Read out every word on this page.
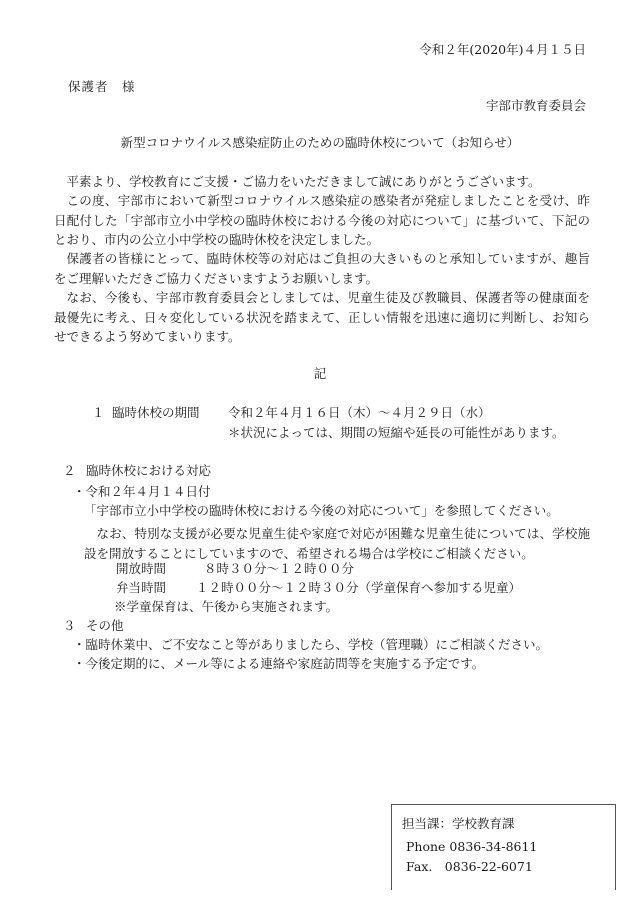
令和２年(2020年)４月１５日
保護者　様
宇部市教育委員会
新型コロナウイルス感染症防止のための臨時休校について（お知らせ）
平素より、学校教育にご支援・ご協力をいただきまして誠にありがとうございます。
この度、宇部市において新型コロナウイルス感染症の感染者が発症しましたことを受け、昨日配付した「宇部市立小中学校の臨時休校における今後の対応について」に基づいて、下記のとおり、市内の公立小中学校の臨時休校を決定しました。
保護者の皆様にとって、臨時休校等の対応はご負担の大きいものと承知していますが、趣旨をご理解いただきご協力くださいますようお願いします。
なお、今後も、宇部市教育委員会としましては、児童生徒及び教職員、保護者等の健康面を最優先に考え、日々変化している状況を踏まえて、正しい情報を迅速に適切に判断し、お知らせできるよう努めてまいります。
記
１ 臨時休校の期間 令和２年４月１６日（木）～４月２９日（水）
＊状況によっては、期間の短縮や延長の可能性があります。
２ 臨時休校における対応
・令和２年４月１４日付
「宇部市立小中学校の臨時休校における今後の対応について」を参照してください。
なお、特別な支援が必要な児童生徒や家庭で対応が困難な児童生徒については、学校施設を開放することにしていますので、希望される場合は学校にご相談ください。
開放時間	８時３０分～１２時００分
弁当時間 １２時００分～１２時３０分（学童保育へ参加する児童）
※学童保育は、午後から実施されます。
３ その他
・臨時休業中、ご不安なこと等がありましたら、学校（管理職）にご相談ください。
・今後定期的に、メール等による連絡や家庭訪問等を実施する予定です。
担当課：学校教育課
Phone 0836-34-8611
Fax.　0836-22-6071
